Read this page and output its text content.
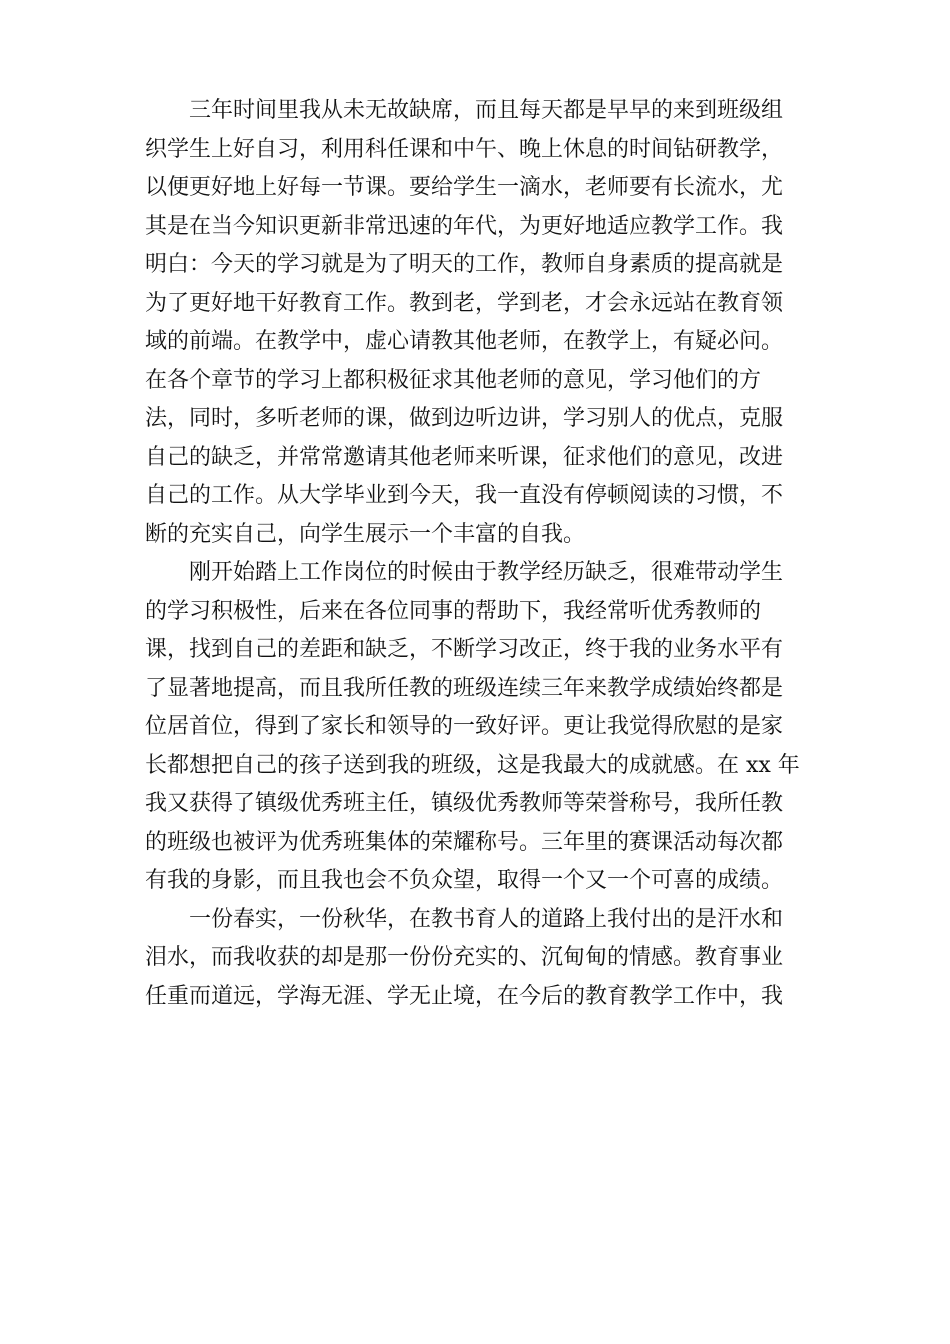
三年时间里我从未无故缺席，而且每天都是早早的来到班级组
织学生上好自习，利用科任课和中午、晚上休息的时间钻研教学，
以便更好地上好每一节课。要给学生一滴水，老师要有长流水，尤
其是在当今知识更新非常迅速的年代，为更好地适应教学工作。我
明白：今天的学习就是为了明天的工作，教师自身素质的提高就是
为了更好地干好教育工作。教到老，学到老，才会永远站在教育领
域的前端。在教学中，虚心请教其他老师，在教学上，有疑必问。
在各个章节的学习上都积极征求其他老师的意见，学习他们的方
法，同时，多听老师的课，做到边听边讲，学习别人的优点，克服
自己的缺乏，并常常邀请其他老师来听课，征求他们的意见，改进
自己的工作。从大学毕业到今天，我一直没有停顿阅读的习惯，不
断的充实自己，向学生展示一个丰富的自我。
刚开始踏上工作岗位的时候由于教学经历缺乏，很难带动学生
的学习积极性，后来在各位同事的帮助下，我经常听优秀教师的
课，找到自己的差距和缺乏，不断学习改正，终于我的业务水平有
了显著地提高，而且我所任教的班级连续三年来教学成绩始终都是
位居首位，得到了家长和领导的一致好评。更让我觉得欣慰的是家
长都想把自己的孩子送到我的班级，这是我最大的成就感。在 xx 年
我又获得了镇级优秀班主任，镇级优秀教师等荣誉称号，我所任教
的班级也被评为优秀班集体的荣耀称号。三年里的赛课活动每次都
有我的身影，而且我也会不负众望，取得一个又一个可喜的成绩。
一份春实，一份秋华，在教书育人的道路上我付出的是汗水和
泪水，而我收获的却是那一份份充实的、沉甸甸的情感。教育事业
任重而道远，学海无涯、学无止境，在今后的教育教学工作中，我
